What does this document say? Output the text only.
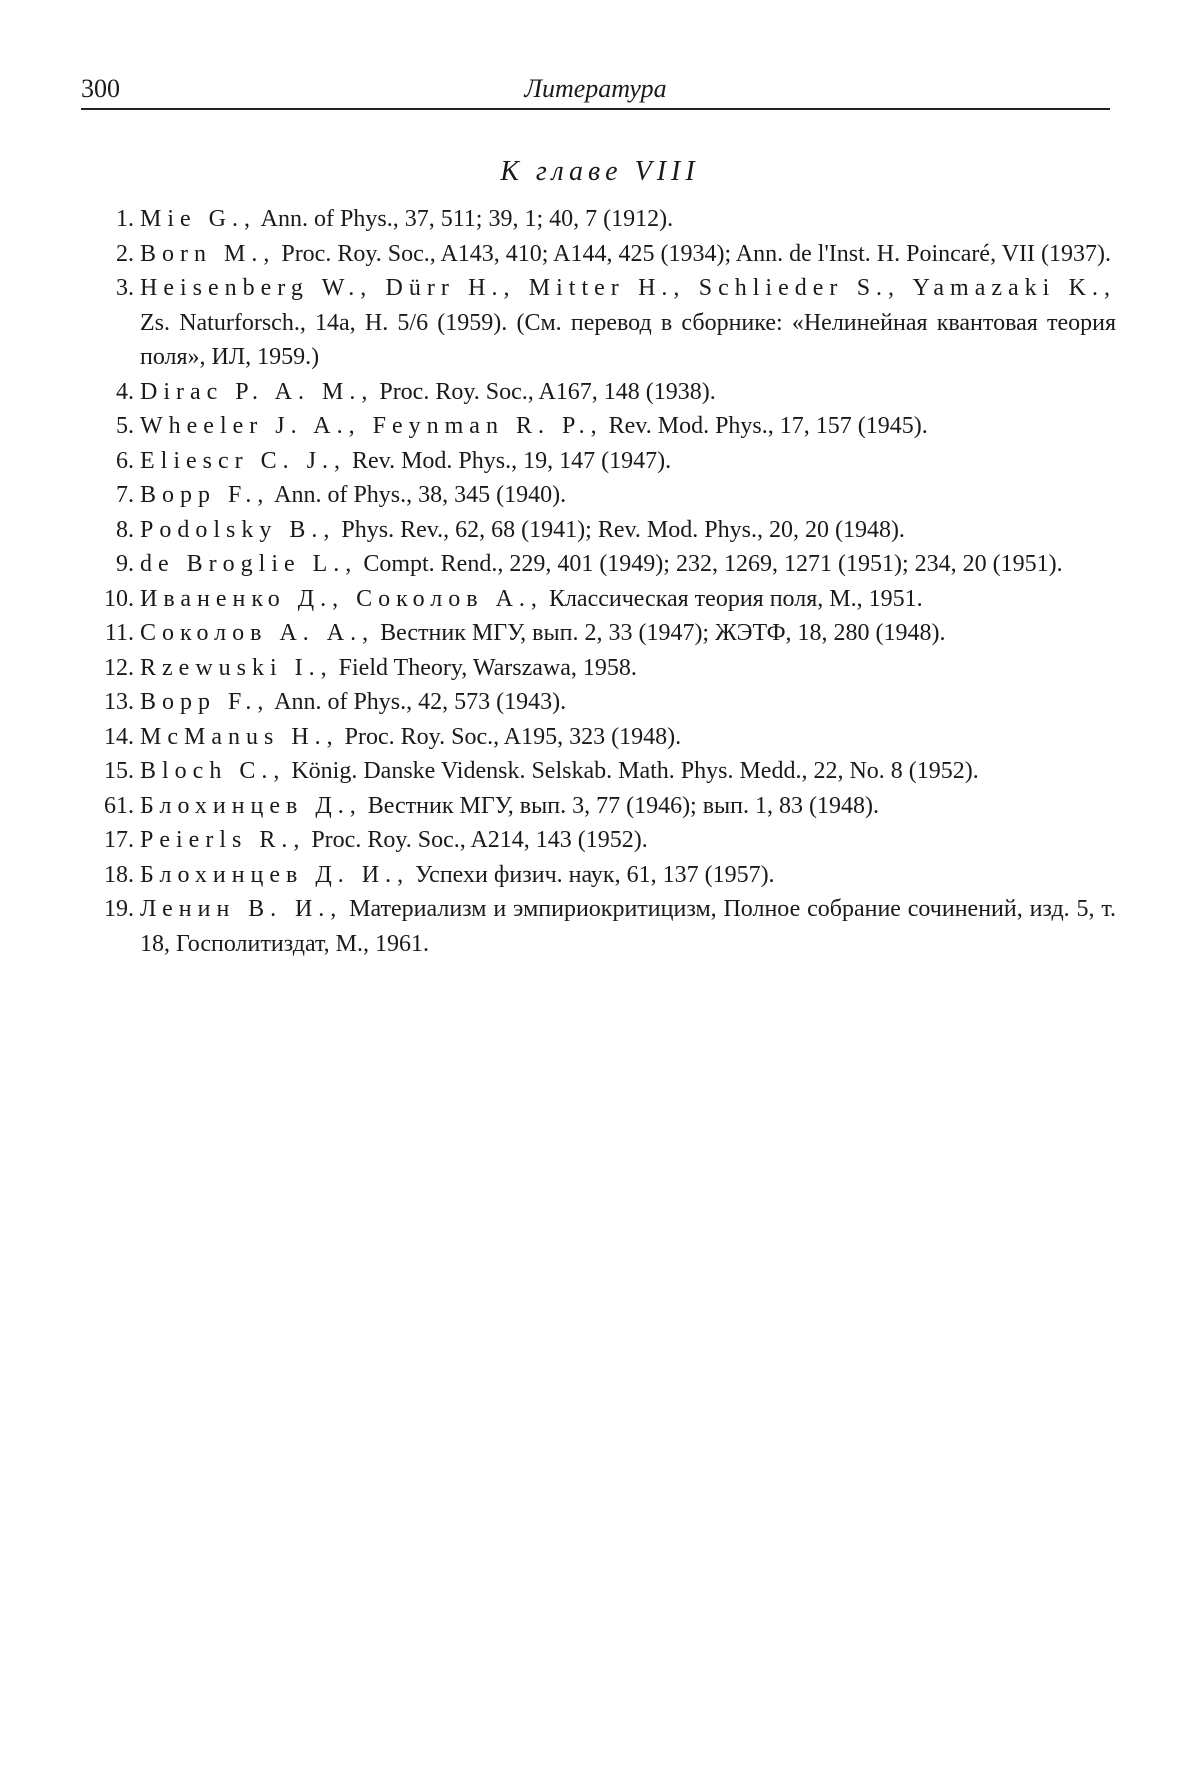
300	Литература
К главе VIII
1. Mie G., Ann. of Phys., 37, 511; 39, 1; 40, 7 (1912).
2. Born M., Proc. Roy. Soc., A143, 410; A144, 425 (1934); Ann. de l'Inst. H. Poincaré, VII (1937).
3. Heisenberg W., Dürr H., Mitter H., Schlieder S., Yamazaki K., Zs. Naturforsch., 14a, H. 5/6 (1959). (См. перевод в сборнике: «Нелинейная квантовая теория поля», ИЛ, 1959.)
4. Dirac P. A. M., Proc. Roy. Soc., A167, 148 (1938).
5. Wheeler J. A., Feynman R. P., Rev. Mod. Phys., 17, 157 (1945).
6. Eliescr C. J., Rev. Mod. Phys., 19, 147 (1947).
7. Bopp F., Ann. of Phys., 38, 345 (1940).
8. Podolsky B., Phys. Rev., 62, 68 (1941); Rev. Mod. Phys., 20, 20 (1948).
9. de Broglie L., Compt. Rend., 229, 401 (1949); 232, 1269, 1271 (1951); 234, 20 (1951).
10. Иваненко Д., Соколов А., Классическая теория поля, М., 1951.
11. Соколов А. А., Вестник МГУ, вып. 2, 33 (1947); ЖЭТФ, 18, 280 (1948).
12. Rzewuski I., Field Theory, Warszawa, 1958.
13. Bopp F., Ann. of Phys., 42, 573 (1943).
14. McManus H., Proc. Roy. Soc., A195, 323 (1948).
15. Bloch C., König. Danske Vidensk. Selskab. Math. Phys. Medd., 22, No. 8 (1952).
61. Блохинцев Д., Вестник МГУ, вып. 3, 77 (1946); вып. 1, 83 (1948).
17. Peierls R., Proc. Roy. Soc., A214, 143 (1952).
18. Блохинцев Д. И., Успехи физич. наук, 61, 137 (1957).
19. Ленин В. И., Материализм и эмпириокритицизм, Полное собрание сочинений, изд. 5, т. 18, Госполитиздат, М., 1961.
